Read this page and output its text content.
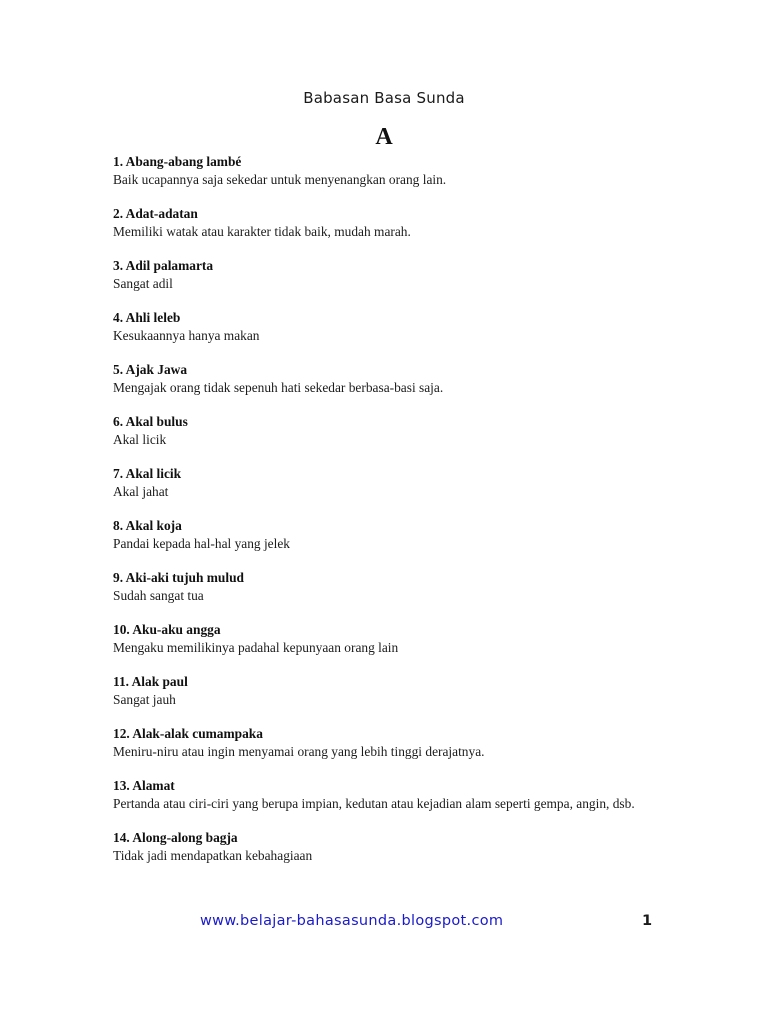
Babasan Basa Sunda
A
1. Abang-abang lambé
Baik ucapannya saja sekedar untuk menyenangkan orang lain.
2. Adat-adatan
Memiliki watak atau karakter tidak baik, mudah marah.
3. Adil palamarta
Sangat adil
4. Ahli leleb
Kesukaannya hanya makan
5. Ajak Jawa
Mengajak orang tidak sepenuh hati sekedar berbasa-basi saja.
6. Akal bulus
Akal licik
7. Akal licik
Akal jahat
8. Akal koja
Pandai kepada hal-hal yang jelek
9. Aki-aki tujuh mulud
Sudah sangat tua
10. Aku-aku angga
Mengaku memilikinya padahal kepunyaan orang lain
11. Alak paul
Sangat jauh
12. Alak-alak cumampaka
Meniru-niru atau ingin menyamai orang yang lebih tinggi derajatnya.
13. Alamat
Pertanda atau ciri-ciri yang berupa impian, kedutan atau kejadian alam seperti gempa, angin, dsb.
14. Along-along bagja
Tidak jadi mendapatkan kebahagiaan
www.belajar-bahasasunda.blogspot.com	1
